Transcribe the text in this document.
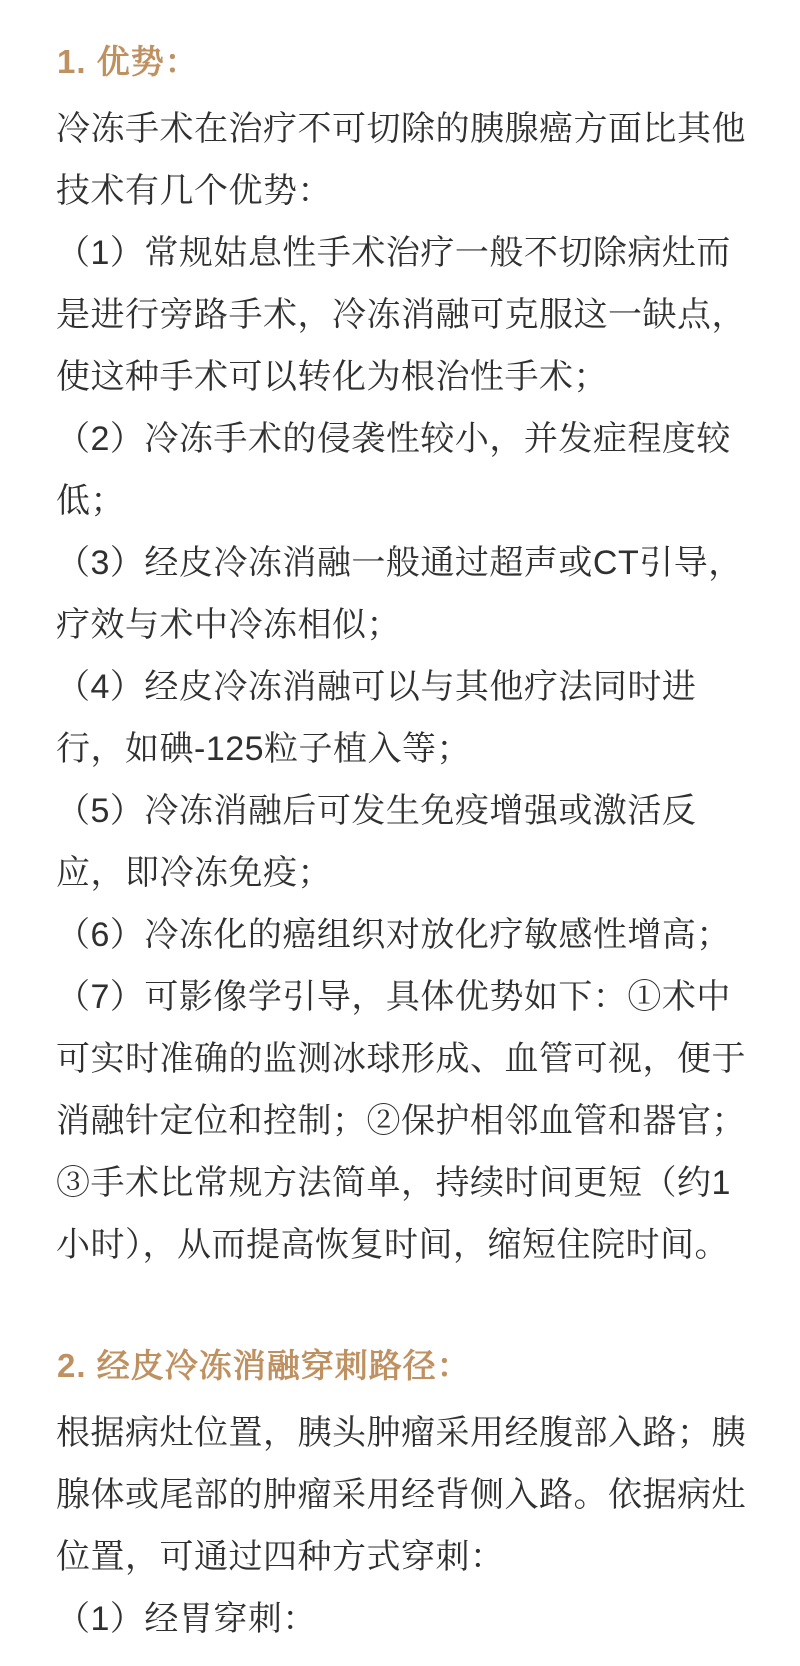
1. 优势：
冷冻手术在治疗不可切除的胰腺癌方面比其他
技术有几个优势：
（1）常规姑息性手术治疗一般不切除病灶而
是进行旁路手术，冷冻消融可克服这一缺点，
使这种手术可以转化为根治性手术；
（2）冷冻手术的侵袭性较小，并发症程度较
低；
（3）经皮冷冻消融一般通过超声或CT引导，
疗效与术中冷冻相似；
（4）经皮冷冻消融可以与其他疗法同时进
行，如碘-125粒子植入等；
（5）冷冻消融后可发生免疫增强或激活反
应，即冷冻免疫；
（6）冷冻化的癌组织对放化疗敏感性增高；
（7）可影像学引导，具体优势如下：①术中
可实时准确的监测冰球形成、血管可视，便于
消融针定位和控制；②保护相邻血管和器官；
③手术比常规方法简单，持续时间更短（约1
小时），从而提高恢复时间，缩短住院时间。
2. 经皮冷冻消融穿刺路径：
根据病灶位置，胰头肿瘤采用经腹部入路；胰
腺体或尾部的肿瘤采用经背侧入路。依据病灶
位置，可通过四种方式穿刺：
（1）经胃穿刺：
